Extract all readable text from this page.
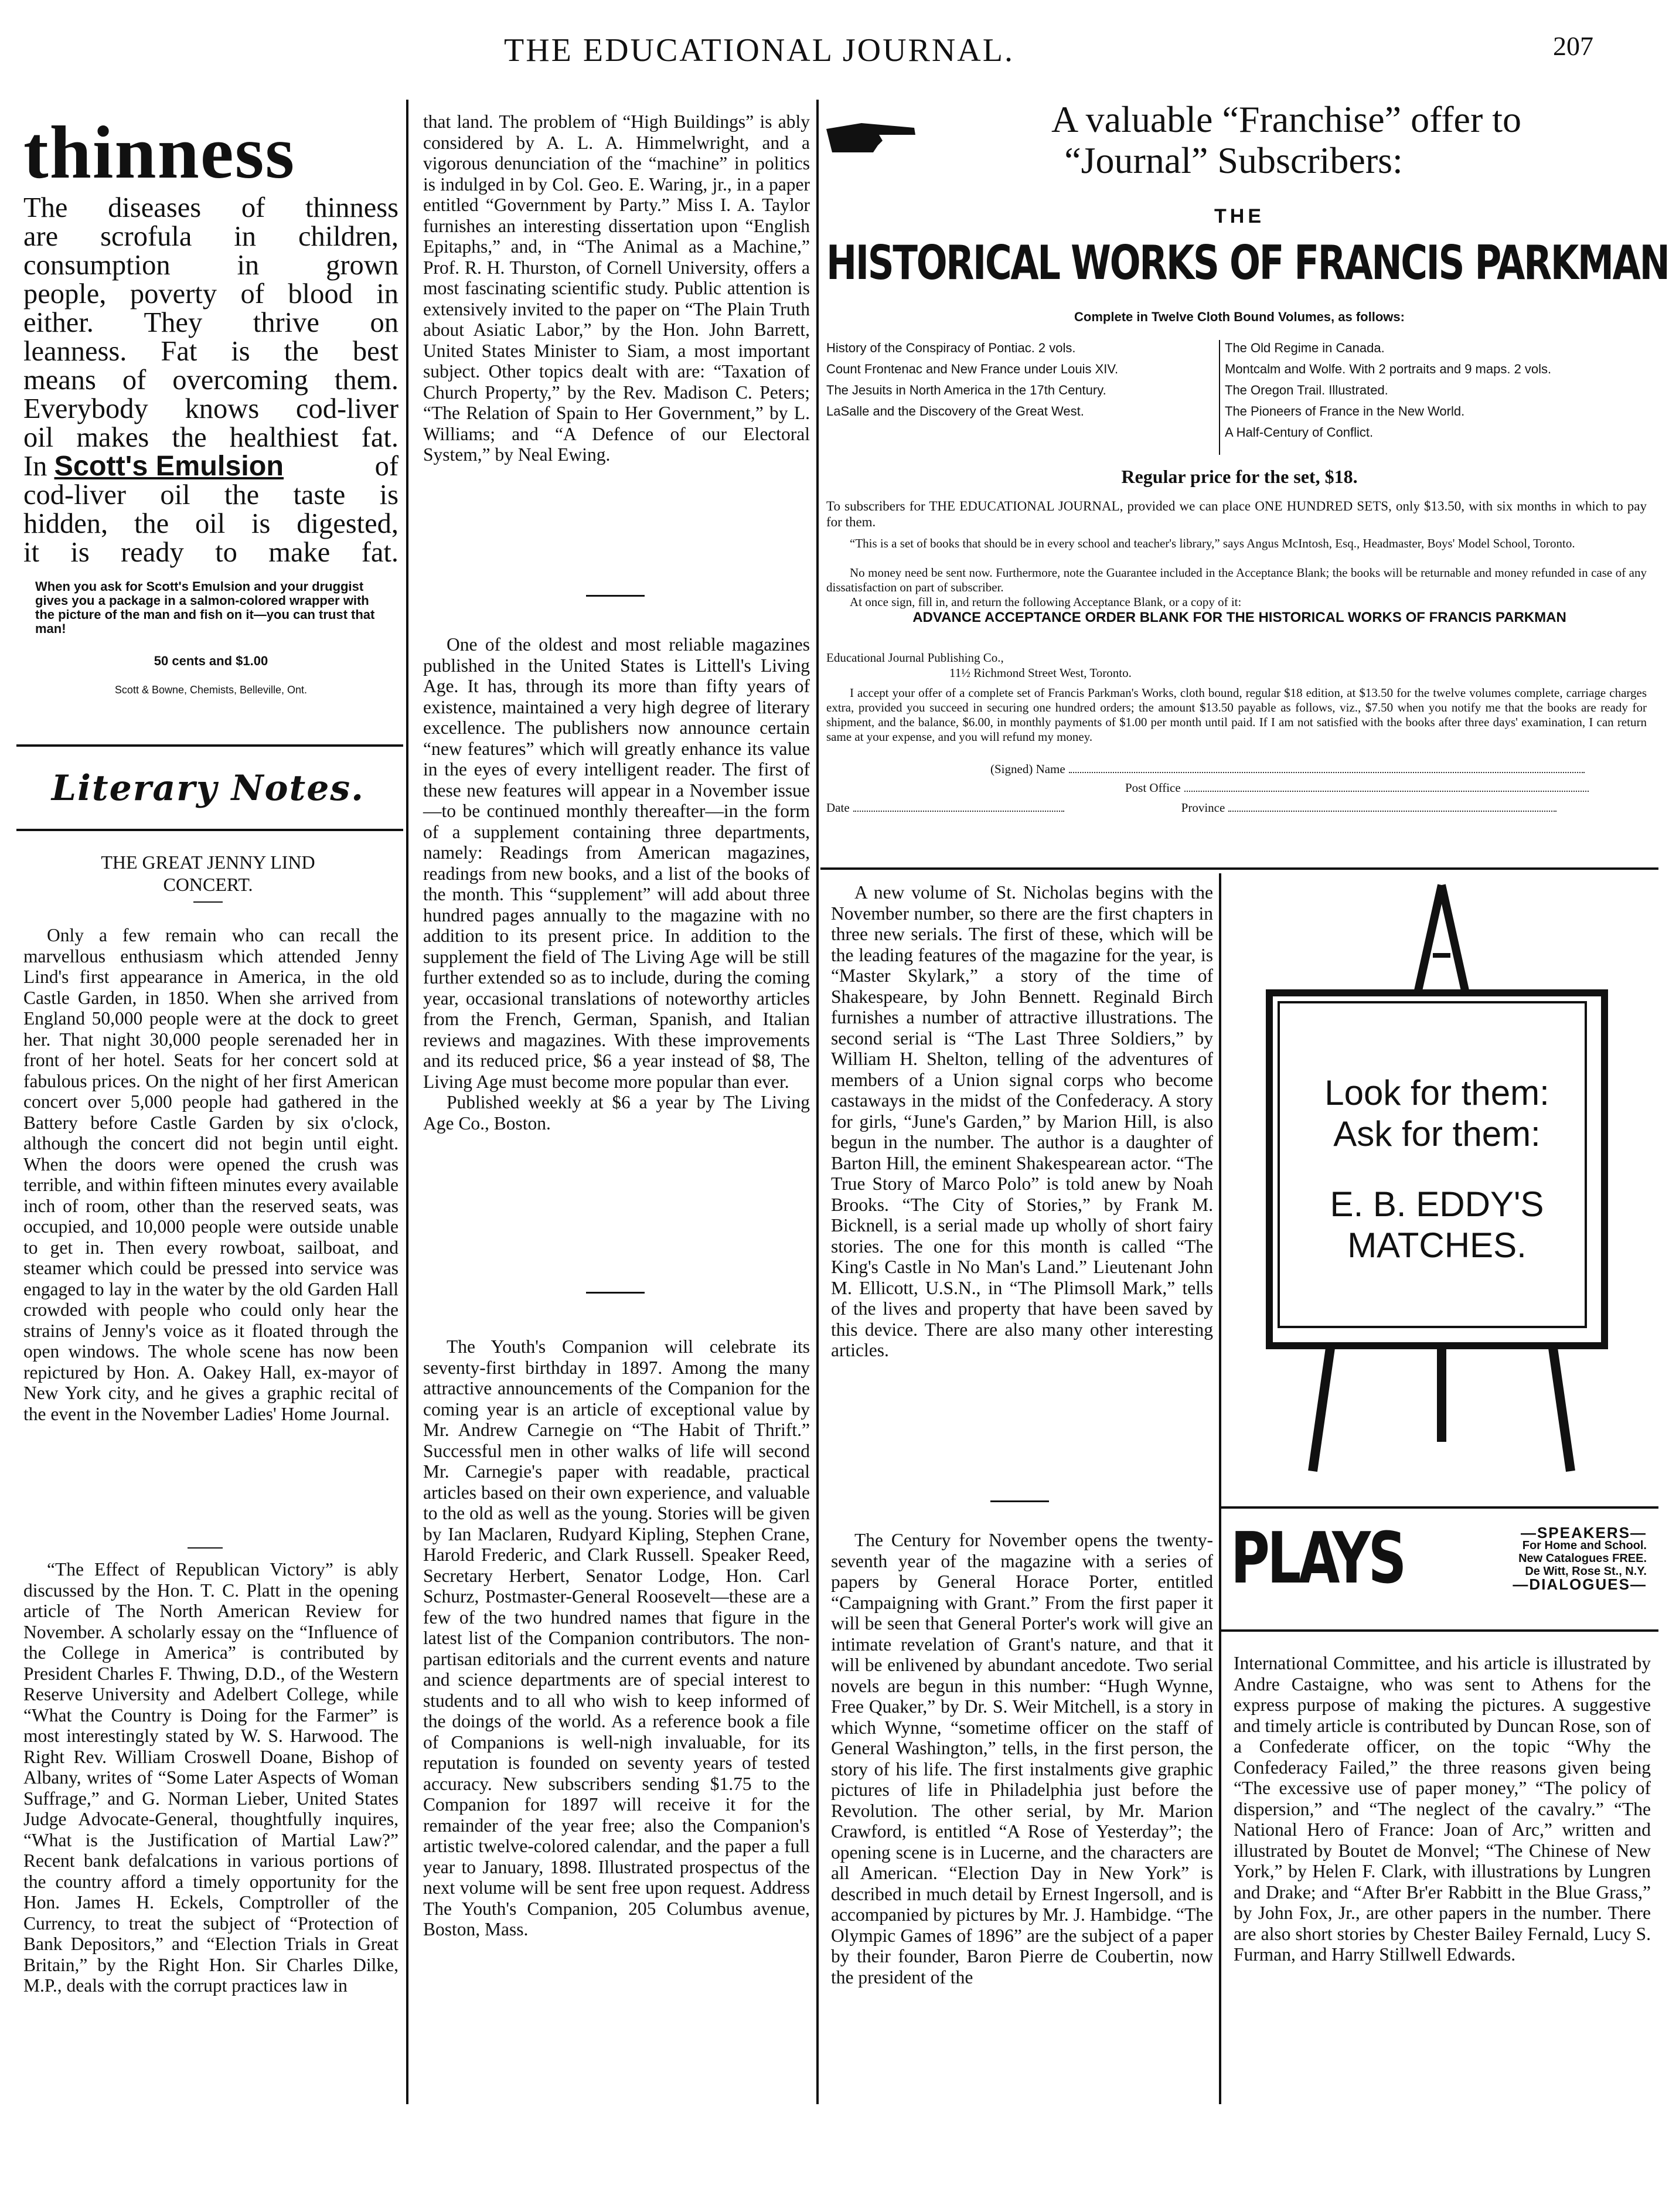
THE EDUCATIONAL JOURNAL.	207
thinness
The diseases of thinness
are scrofula in children,
consumption in grown
people, poverty of blood in
either. They thrive on
leanness. Fat is the best
means of overcoming them.
Everybody knows cod-liver
oil makes the healthiest fat.
In Scott's Emulsion	of
cod-liver oil the taste is
hidden, the oil is digested,
it is ready to make fat.
When you ask for Scott's Emulsion and your druggist gives you a package in a salmon-colored wrapper with the picture of the man and fish on it—you can trust that man!
50 cents and $1.00
Scott & Bowne, Chemists, Belleville, Ont.
Literary Notes.
THE GREAT JENNY LIND
CONCERT.

Only a few remain who can recall the marvellous enthusiasm which attended Jenny Lind's first appearance in America, in the old Castle Garden, in 1850. When she arrived from England 50,000 people were at the dock to greet her. That night 30,000 people serenaded her in front of her hotel. Seats for her concert sold at fabulous prices. On the night of her first American concert over 5,000 people had gathered in the Battery before Castle Garden by six o'clock, although the concert did not begin until eight. When the doors were opened the crush was terrible, and within fifteen minutes every available inch of room, other than the reserved seats, was occupied, and 10,000 people were outside unable to get in. Then every rowboat, sailboat, and steamer which could be pressed into service was engaged to lay in the water by the old Garden Hall crowded with people who could only hear the strains of Jenny's voice as it floated through the open windows. The whole scene has now been repictured by Hon. A. Oakey Hall, ex-mayor of New York city, and he gives a graphic recital of the event in the November Ladies' Home Journal.

“The Effect of Republican Victory” is ably discussed by the Hon. T. C. Platt in the opening article of The North American Review for November. A scholarly essay on the “Influence of the College in America” is contributed by President Charles F. Thwing, D.D., of the Western Reserve University and Adelbert College, while “What the Country is Doing for the Farmer” is most interestingly stated by W. S. Harwood. The Right Rev. William Croswell Doane, Bishop of Albany, writes of “Some Later Aspects of Woman Suffrage,” and G. Norman Lieber, United States Judge Advocate-General, thoughtfully inquires, “What is the Justification of Martial Law?” Recent bank defalcations in various portions of the country afford a timely opportunity for the Hon. James H. Eckels, Comptroller of the Currency, to treat the subject of “Protection of Bank Depositors,” and “Election Trials in Great Britain,” by the Right Hon. Sir Charles Dilke, M.P., deals with the corrupt practices law in

that land. The problem of “High Buildings” is ably considered by A. L. A. Himmelwright, and a vigorous denunciation of the “machine” in politics is indulged in by Col. Geo. E. Waring, jr., in a paper entitled “Government by Party.” Miss I. A. Taylor furnishes an interesting dissertation upon “English Epitaphs,” and, in “The Animal as a Machine,” Prof. R. H. Thurston, of Cornell University, offers a most fascinating scientific study. Public attention is extensively invited to the paper on “The Plain Truth about Asiatic Labor,” by the Hon. John Barrett, United States Minister to Siam, a most important subject. Other topics dealt with are: “Taxation of Church Property,” by the Rev. Madison C. Peters; “The Relation of Spain to Her Government,” by L. Williams; and “A Defence of our Electoral System,” by Neal Ewing.

One of the oldest and most reliable magazines published in the United States is Littell's Living Age. It has, through its more than fifty years of existence, maintained a very high degree of literary excellence. The publishers now announce certain “new features” which will greatly enhance its value in the eyes of every intelligent reader. The first of these new features will appear in a November issue—to be continued monthly thereafter—in the form of a supplement containing three departments, namely: Readings from American magazines, readings from new books, and a list of the books of the month. This “supplement” will add about three hundred pages annually to the magazine with no addition to its present price. In addition to the supplement the field of The Living Age will be still further extended so as to include, during the coming year, occasional translations of noteworthy articles from the French, German, Spanish, and Italian reviews and magazines. With these improvements and its reduced price, $6 a year instead of $8, The Living Age must become more popular than ever.

Published weekly at $6 a year by The Living Age Co., Boston.

The Youth's Companion will celebrate its seventy-first birthday in 1897. Among the many attractive announcements of the Companion for the coming year is an article of exceptional value by Mr. Andrew Carnegie on “The Habit of Thrift.” Successful men in other walks of life will second Mr. Carnegie's paper with readable, practical articles based on their own experience, and valuable to the old as well as the young. Stories will be given by Ian Maclaren, Rudyard Kipling, Stephen Crane, Harold Frederic, and Clark Russell. Speaker Reed, Secretary Herbert, Senator Lodge, Hon. Carl Schurz, Postmaster-General Roosevelt—these are a few of the two hundred names that figure in the latest list of the Companion contributors. The non-partisan editorials and the current events and nature and science departments are of special interest to students and to all who wish to keep informed of the doings of the world. As a reference book a file of Companions is well-nigh invaluable, for its reputation is founded on seventy years of tested accuracy. New subscribers sending $1.75 to the Companion for 1897 will receive it for the remainder of the year free; also the Companion's artistic twelve-colored calendar, and the paper a full year to January, 1898. Illustrated prospectus of the next volume will be sent free upon request. Address The Youth's Companion, 205 Columbus avenue, Boston, Mass.

A valuable “Franchise” offer to
“Journal” Subscribers:
THE
HISTORICAL WORKS OF FRANCIS PARKMAN
Complete in Twelve Cloth Bound Volumes, as follows:
History of the Conspiracy of Pontiac. 2 vols.
Count Frontenac and New France under Louis XIV.
The Jesuits in North America in the 17th Century.
LaSalle and the Discovery of the Great West.
The Old Regime in Canada.
Montcalm and Wolfe. With 2 portraits and 9 maps. 2 vols.
The Oregon Trail. Illustrated.
The Pioneers of France in the New World.
A Half-Century of Conflict.
Regular price for the set, $18.
To subscribers for THE EDUCATIONAL JOURNAL, provided we can place ONE HUNDRED SETS, only $13.50, with six months in which to pay for them.
“This is a set of books that should be in every school and teacher's library,” says Angus McIntosh, Esq., Headmaster, Boys' Model School, Toronto.
No money need be sent now. Furthermore, note the Guarantee included in the Acceptance Blank; the books will be returnable and money refunded in case of any dissatisfaction on part of subscriber.
At once sign, fill in, and return the following Acceptance Blank, or a copy of it:
ADVANCE ACCEPTANCE ORDER BLANK FOR THE HISTORICAL WORKS OF FRANCIS PARKMAN
Educational Journal Publishing Co.,
11½ Richmond Street West, Toronto.
I accept your offer of a complete set of Francis Parkman's Works, cloth bound, regular $18 edition, at $13.50 for the twelve volumes complete, carriage charges extra, provided you succeed in securing one hundred orders; the amount $13.50 payable as follows, viz., $7.50 when you notify me that the books are ready for shipment, and the balance, $6.00, in monthly payments of $1.00 per month until paid. If I am not satisfied with the books after three days' examination, I can return same at your expense, and you will refund my money.
(Signed) Name
Post Office
Date	Province

A new volume of St. Nicholas begins with the November number, so there are the first chapters in three new serials. The first of these, which will be the leading features of the magazine for the year, is “Master Skylark,” a story of the time of Shakespeare, by John Bennett. Reginald Birch furnishes a number of attractive illustrations. The second serial is “The Last Three Soldiers,” by William H. Shelton, telling of the adventures of members of a Union signal corps who become castaways in the midst of the Confederacy. A story for girls, “June's Garden,” by Marion Hill, is also begun in the number. The author is a daughter of Barton Hill, the eminent Shakespearean actor. “The True Story of Marco Polo” is told anew by Noah Brooks. “The City of Stories,” by Frank M. Bicknell, is a serial made up wholly of short fairy stories. The one for this month is called “The King's Castle in No Man's Land.” Lieutenant John M. Ellicott, U.S.N., in “The Plimsoll Mark,” tells of the lives and property that have been saved by this device. There are also many other interesting articles.

The Century for November opens the twenty-seventh year of the magazine with a series of papers by General Horace Porter, entitled “Campaigning with Grant.” From the first paper it will be seen that General Porter's work will give an intimate revelation of Grant's nature, and that it will be enlivened by abundant ancedote. Two serial novels are begun in this number: “Hugh Wynne, Free Quaker,” by Dr. S. Weir Mitchell, is a story in which Wynne, “sometime officer on the staff of General Washington,” tells, in the first person, the story of his life. The first instalments give graphic pictures of life in Philadelphia just before the Revolution. The other serial, by Mr. Marion Crawford, is entitled “A Rose of Yesterday”; the opening scene is in Lucerne, and the characters are all American. “Election Day in New York” is described in much detail by Ernest Ingersoll, and is accompanied by pictures by Mr. J. Hambidge. “The Olympic Games of 1896” are the subject of a paper by their founder, Baron Pierre de Coubertin, now the president of the

Look for them:
Ask for them:
E. B. EDDY'S
MATCHES.
PLAYS	—SPEAKERS—
For Home and School.
New Catalogues FREE.
De Witt, Rose St., N.Y.
—DIALOGUES—

International Committee, and his article is illustrated by Andre Castaigne, who was sent to Athens for the express purpose of making the pictures. A suggestive and timely article is contributed by Duncan Rose, son of a Confederate officer, on the topic “Why the Confederacy Failed,” the three reasons given being “The excessive use of paper money,” “The policy of dispersion,” and “The neglect of the cavalry.” “The National Hero of France: Joan of Arc,” written and illustrated by Boutet de Monvel; “The Chinese of New York,” by Helen F. Clark, with illustrations by Lungren and Drake; and “After Br'er Rabbitt in the Blue Grass,” by John Fox, Jr., are other papers in the number. There are also short stories by Chester Bailey Fernald, Lucy S. Furman, and Harry Stillwell Edwards.
